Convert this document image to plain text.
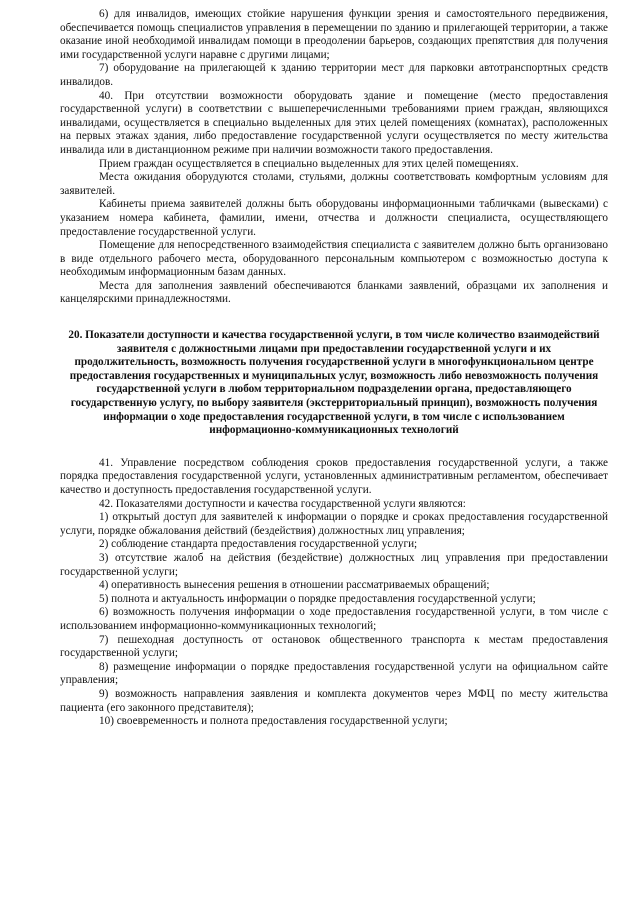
6) для инвалидов, имеющих стойкие нарушения функции зрения и самостоятельного передвижения, обеспечивается помощь специалистов управления в перемещении по зданию и прилегающей территории, а также оказание иной необходимой инвалидам помощи в преодолении барьеров, создающих препятствия для получения ими государственной услуги наравне с другими лицами;

7) оборудование на прилегающей к зданию территории мест для парковки автотранспортных средств инвалидов.

40. При отсутствии возможности оборудовать здание и помещение (место предоставления государственной услуги) в соответствии с вышеперечисленными требованиями прием граждан, являющихся инвалидами, осуществляется в специально выделенных для этих целей помещениях (комнатах), расположенных на первых этажах здания, либо предоставление государственной услуги осуществляется по месту жительства инвалида или в дистанционном режиме при наличии возможности такого предоставления.

Прием граждан осуществляется в специально выделенных для этих целей помещениях.

Места ожидания оборудуются столами, стульями, должны соответствовать комфортным условиям для заявителей.

Кабинеты приема заявителей должны быть оборудованы информационными табличками (вывесками) с указанием номера кабинета, фамилии, имени, отчества и должности специалиста, осуществляющего предоставление государственной услуги.

Помещение для непосредственного взаимодействия специалиста с заявителем должно быть организовано в виде отдельного рабочего места, оборудованного персональным компьютером с возможностью доступа к необходимым информационным базам данных.

Места для заполнения заявлений обеспечиваются бланками заявлений, образцами их заполнения и канцелярскими принадлежностями.

20. Показатели доступности и качества государственной услуги, в том числе количество взаимодействий заявителя с должностными лицами при предоставлении государственной услуги и их продолжительность, возможность получения государственной услуги в многофункциональном центре предоставления государственных и муниципальных услуг, возможность либо невозможность получения государственной услуги в любом территориальном подразделении органа, предоставляющего государственную услугу, по выбору заявителя (экстерриториальный принцип), возможность получения информации о ходе предоставления государственной услуги, в том числе с использованием информационно-коммуникационных технологий

41. Управление посредством соблюдения сроков предоставления государственной услуги, а также порядка предоставления государственной услуги, установленных административным регламентом, обеспечивает качество и доступность предоставления государственной услуги.

42. Показателями доступности и качества государственной услуги являются:

1) открытый доступ для заявителей к информации о порядке и сроках предоставления государственной услуги, порядке обжалования действий (бездействия) должностных лиц управления;

2) соблюдение стандарта предоставления государственной услуги;

3) отсутствие жалоб на действия (бездействие) должностных лиц управления при предоставлении государственной услуги;

4) оперативность вынесения решения в отношении рассматриваемых обращений;

5) полнота и актуальность информации о порядке предоставления государственной услуги;

6) возможность получения информации о ходе предоставления государственной услуги, в том числе с использованием информационно-коммуникационных технологий;

7) пешеходная доступность от остановок общественного транспорта к местам предоставления государственной услуги;

8) размещение информации о порядке предоставления государственной услуги на официальном сайте управления;

9) возможность направления заявления и комплекта документов через МФЦ по месту жительства пациента (его законного представителя);

10) своевременность и полнота предоставления государственной услуги;
